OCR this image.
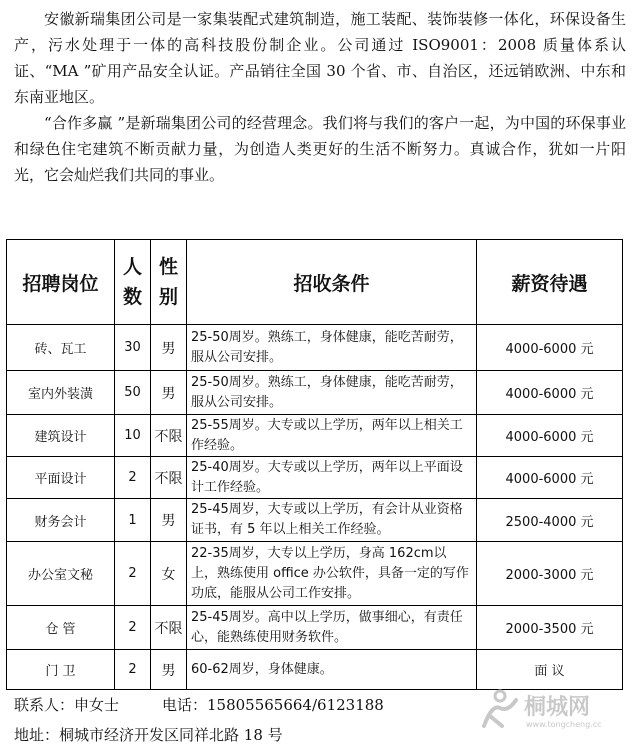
安徽新瑞集团公司是一家集装配式建筑制造，施工装配、装饰装修一体化，环保设备生产，污水处理于一体的高科技股份制企业。公司通过 ISO9001：2008 质量体系认证、“MA ”矿用产品安全认证。产品销往全国 30 个省、市、自治区，还远销欧洲、中东和东南亚地区。

“合作多赢 ”是新瑞集团公司的经营理念。我们将与我们的客户一起，为中国的环保事业和绿色住宅建筑不断贡献力量，为创造人类更好的生活不断努力。真诚合作，犹如一片阳光，它会灿烂我们共同的事业。

招聘岗位	人数	性别	招收条件	薪资待遇
砖、瓦工	30	男	25-50周岁。熟练工，身体健康，能吃苦耐劳，服从公司安排。	4000-6000 元
室内外装潢	50	男	25-50周岁。熟练工，身体健康，能吃苦耐劳，服从公司安排。	4000-6000 元
建筑设计	10	不限	25-55周岁。大专或以上学历，两年以上相关工作经验。	4000-6000 元
平面设计	2	不限	25-40周岁。大专或以上学历，两年以上平面设计工作经验。	4000-6000 元
财务会计	1	男	25-45周岁，大专或以上学历，有会计从业资格证书，有 5 年以上相关工作经验。	2500-4000 元
办公室文秘	2	女	22-35周岁，大专以上学历，身高 162cm以上，熟练使用 office 办公软件，具备一定的写作功底，能服从公司工作安排。	2000-3000 元
仓 管	2	不限	25-45周岁。高中以上学历，做事细心，有责任心，能熟练使用财务软件。	2000-3500 元
门 卫	2	男	60-62周岁，身体健康。	面 议
联系人：申女士	电话：15805565664/6123188
地址：桐城市经济开发区同祥北路 18 号
桐城网
www.tongcheng.cc
